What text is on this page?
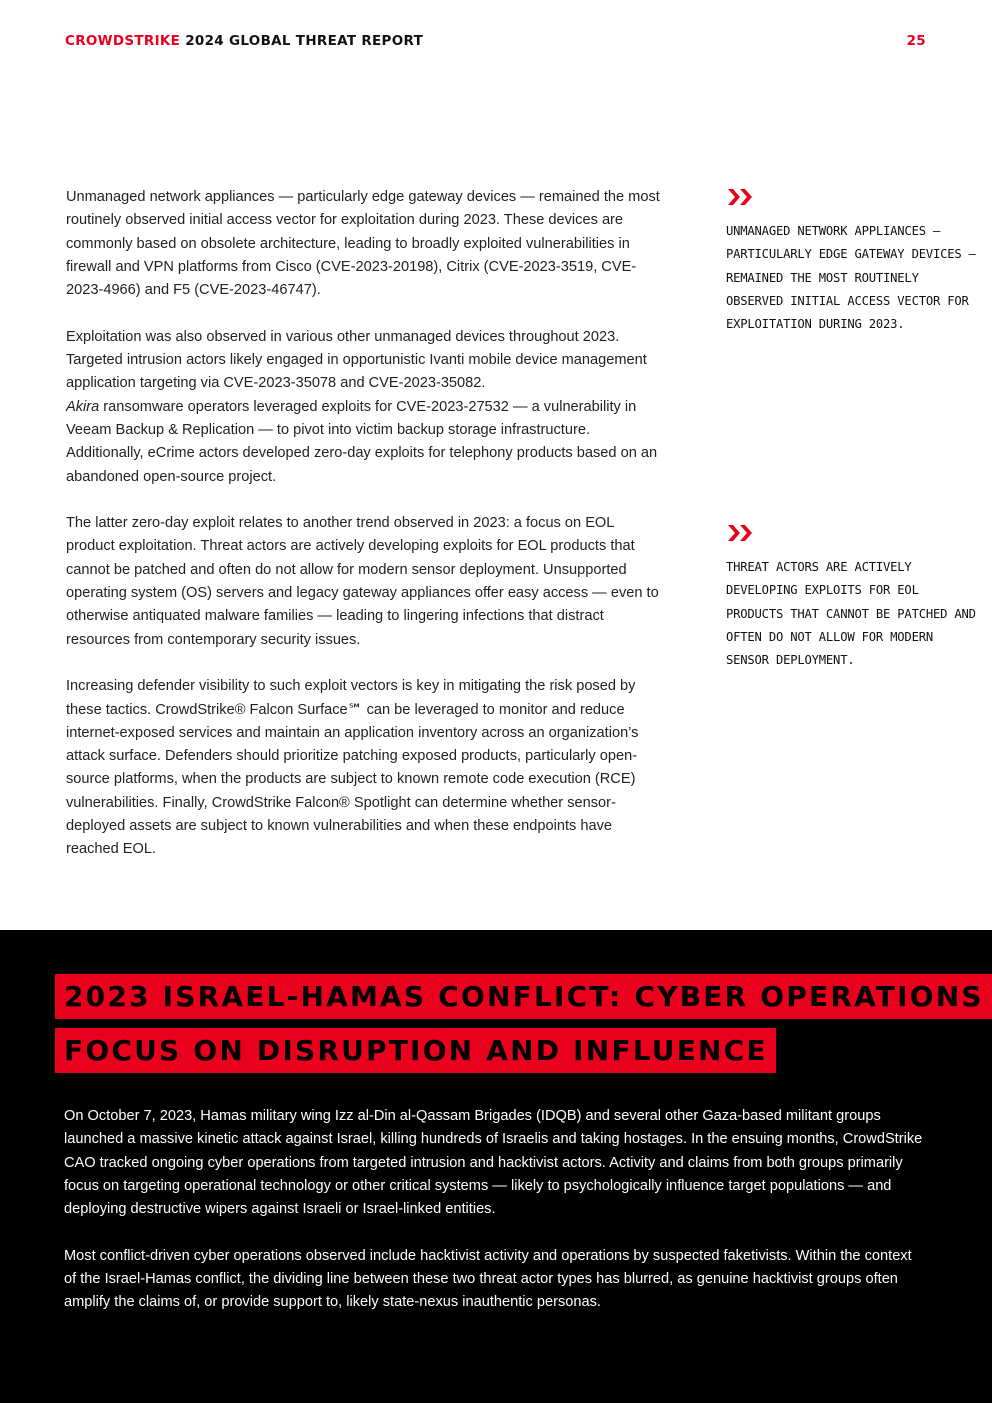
CROWDSTRIKE 2024 GLOBAL THREAT REPORT	25

Unmanaged network appliances — particularly edge gateway devices — remained the most routinely observed initial access vector for exploitation during 2023. These devices are commonly based on obsolete architecture, leading to broadly exploited vulnerabilities in firewall and VPN platforms from Cisco (CVE-2023-20198), Citrix (CVE-2023-3519, CVE-2023-4966) and F5 (CVE-2023-46747).

Exploitation was also observed in various other unmanaged devices throughout 2023. Targeted intrusion actors likely engaged in opportunistic Ivanti mobile device management application targeting via CVE-2023-35078 and CVE-2023-35082.
Akira ransomware operators leveraged exploits for CVE-2023-27532 — a vulnerability in Veeam Backup & Replication — to pivot into victim backup storage infrastructure. Additionally, eCrime actors developed zero-day exploits for telephony products based on an abandoned open-source project.

The latter zero-day exploit relates to another trend observed in 2023: a focus on EOL product exploitation. Threat actors are actively developing exploits for EOL products that cannot be patched and often do not allow for modern sensor deployment. Unsupported operating system (OS) servers and legacy gateway appliances offer easy access — even to otherwise antiquated malware families — leading to lingering infections that distract resources from contemporary security issues.

Increasing defender visibility to such exploit vectors is key in mitigating the risk posed by these tactics. CrowdStrike® Falcon Surface℠ can be leveraged to monitor and reduce internet-exposed services and maintain an application inventory across an organization’s attack surface. Defenders should prioritize patching exposed products, particularly open-source platforms, when the products are subject to known remote code execution (RCE) vulnerabilities. Finally, CrowdStrike Falcon® Spotlight can determine whether sensor-deployed assets are subject to known vulnerabilities and when these endpoints have reached EOL.

UNMANAGED NETWORK APPLIANCES — PARTICULARLY EDGE GATEWAY DEVICES — REMAINED THE MOST ROUTINELY OBSERVED INITIAL ACCESS VECTOR FOR EXPLOITATION DURING 2023.
THREAT ACTORS ARE ACTIVELY DEVELOPING EXPLOITS FOR EOL PRODUCTS THAT CANNOT BE PATCHED AND OFTEN DO NOT ALLOW FOR MODERN SENSOR DEPLOYMENT.
2023 ISRAEL-HAMAS CONFLICT: CYBER OPERATIONS
FOCUS ON DISRUPTION AND INFLUENCE

On October 7, 2023, Hamas military wing Izz al-Din al-Qassam Brigades (IDQB) and several other Gaza-based militant groups launched a massive kinetic attack against Israel, killing hundreds of Israelis and taking hostages. In the ensuing months, CrowdStrike CAO tracked ongoing cyber operations from targeted intrusion and hacktivist actors. Activity and claims from both groups primarily focus on targeting operational technology or other critical systems — likely to psychologically influence target populations — and deploying destructive wipers against Israeli or Israel-linked entities.

Most conflict-driven cyber operations observed include hacktivist activity and operations by suspected faketivists. Within the context of the Israel-Hamas conflict, the dividing line between these two threat actor types has blurred, as genuine hacktivist groups often amplify the claims of, or provide support to, likely state-nexus inauthentic personas.
